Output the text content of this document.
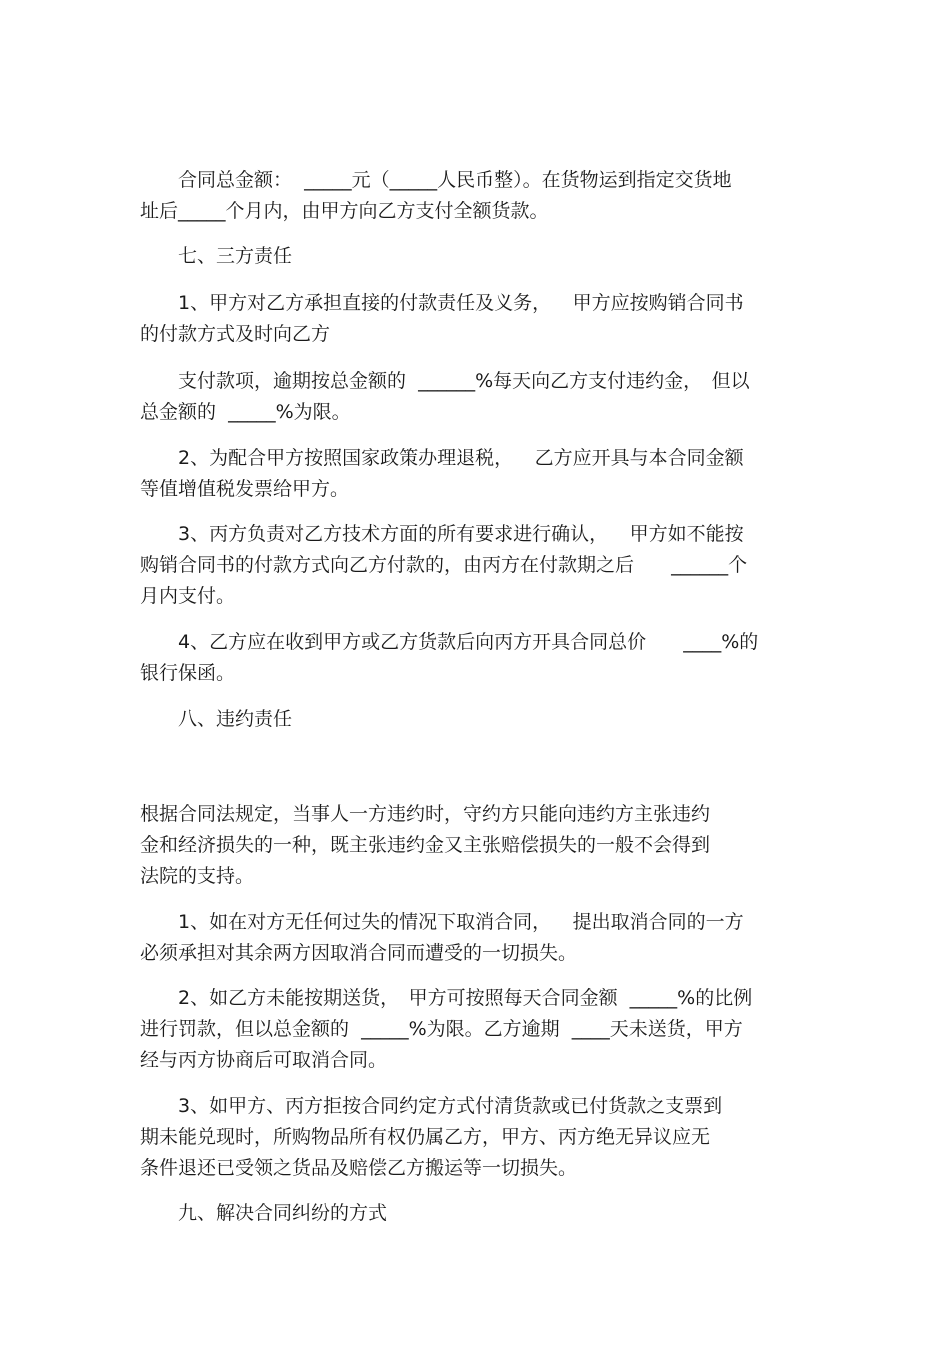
　　合同总金额：  _____元（_____人民币整）。在货物运到指定交货地
址后_____个月内，由甲方向乙方支付全额货款。

　　七、三方责任

　　1、甲方对乙方承担直接的付款责任及义务，　  甲方应按购销合同书
的付款方式及时向乙方

　　支付款项，逾期按总金额的  ______%每天向乙方支付违约金，　但以
总金额的  _____%为限。

　　2、为配合甲方按照国家政策办理退税，　  乙方应开具与本合同金额
等值增值税发票给甲方。

　　3、丙方负责对乙方技术方面的所有要求进行确认，　  甲方如不能按
购销合同书的付款方式向乙方付款的，由丙方在付款期之后　   ______个
月内支付。

　　4、乙方应在收到甲方或乙方货款后向丙方开具合同总价　   ____%的
银行保函。

　　八、违约责任

根据合同法规定，当事人一方违约时，守约方只能向违约方主张违约
金和经济损失的一种，既主张违约金又主张赔偿损失的一般不会得到
法院的支持。

　　1、如在对方无任何过失的情况下取消合同，　  提出取消合同的一方
必须承担对其余两方因取消合同而遭受的一切损失。

　　2、如乙方未能按期送货，　甲方可按照每天合同金额  _____%的比例
进行罚款，但以总金额的  _____%为限。乙方逾期  ____天未送货，甲方
经与丙方协商后可取消合同。

　　3、如甲方、丙方拒按合同约定方式付清货款或已付货款之支票到
期未能兑现时，所购物品所有权仍属乙方，甲方、丙方绝无异议应无
条件退还已受领之货品及赔偿乙方搬运等一切损失。

　　九、解决合同纠纷的方式
